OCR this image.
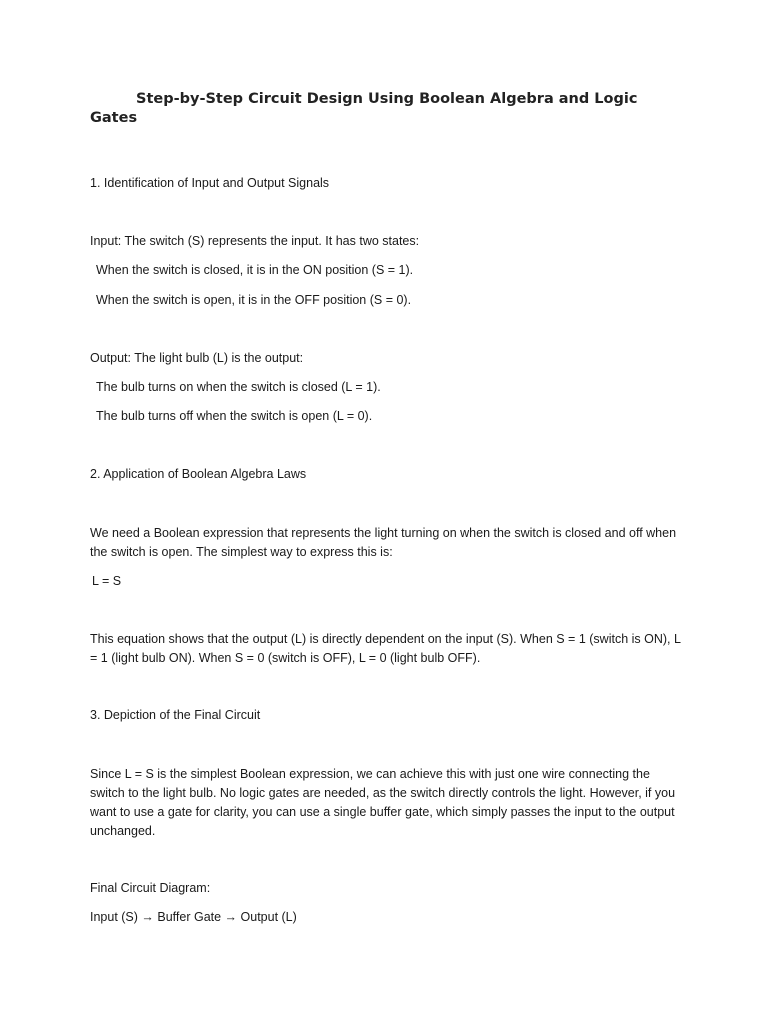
Step-by-Step Circuit Design Using Boolean Algebra and Logic Gates
1. Identification of Input and Output Signals
Input: The switch (S) represents the input. It has two states:
When the switch is closed, it is in the ON position (S = 1).
When the switch is open, it is in the OFF position (S = 0).
Output: The light bulb (L) is the output:
The bulb turns on when the switch is closed (L = 1).
The bulb turns off when the switch is open (L = 0).
2. Application of Boolean Algebra Laws
We need a Boolean expression that represents the light turning on when the switch is closed and off when the switch is open. The simplest way to express this is:
L = S
This equation shows that the output (L) is directly dependent on the input (S). When S = 1 (switch is ON), L = 1 (light bulb ON). When S = 0 (switch is OFF), L = 0 (light bulb OFF).
3. Depiction of the Final Circuit
Since L = S is the simplest Boolean expression, we can achieve this with just one wire connecting the switch to the light bulb. No logic gates are needed, as the switch directly controls the light. However, if you want to use a gate for clarity, you can use a single buffer gate, which simply passes the input to the output unchanged.
Final Circuit Diagram:
Input (S) → Buffer Gate → Output (L)
